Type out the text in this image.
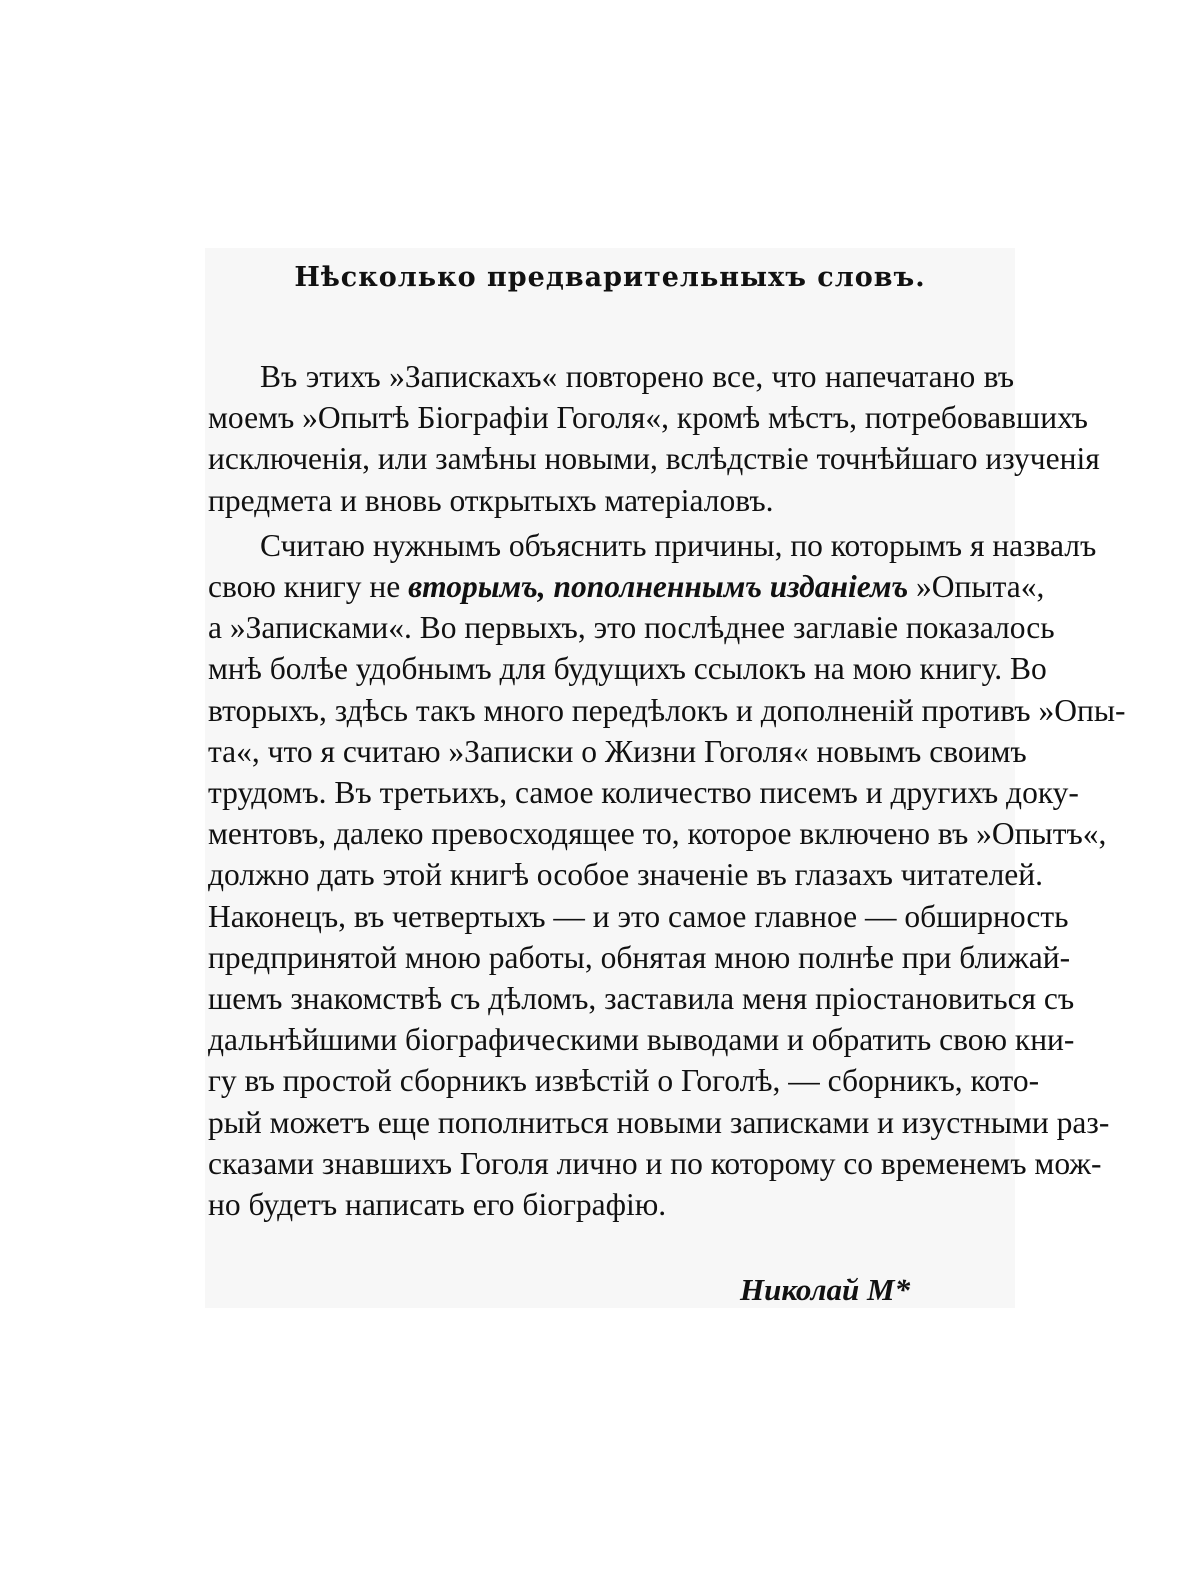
Нѣсколько предварительныхъ словъ.
Въ этихъ »Запискахъ« повторено все, что напечатано въ
моемъ »Опытѣ Біографіи Гоголя«, кромѣ мѣстъ, потребовавшихъ
исключенія, или замѣны новыми, вслѣдствіе точнѣйшаго изученія
предмета и вновь открытыхъ матеріаловъ.
Считаю нужнымъ объяснить причины, по которымъ я назвалъ
свою книгу не вторымъ, пополненнымъ изданіемъ »Опыта«,
а »Записками«. Во первыхъ, это послѣднее заглавіе показалось
мнѣ болѣе удобнымъ для будущихъ ссылокъ на мою книгу. Во
вторыхъ, здѣсь такъ много передѣлокъ и дополненій противъ »Опы-
та«, что я считаю »Записки о Жизни Гоголя« новымъ своимъ
трудомъ. Въ третьихъ, самое количество писемъ и другихъ доку-
ментовъ, далеко превосходящее то, которое включено въ »Опытъ«,
должно дать этой книгѣ особое значеніе въ глазахъ читателей.
Наконецъ, въ четвертыхъ — и это самое главное — обширность
предпринятой мною работы, обнятая мною полнѣе при ближай-
шемъ знакомствѣ съ дѣломъ, заставила меня пріостановиться съ
дальнѣйшими біографическими выводами и обратить свою кни-
гу въ простой сборникъ извѣстій о Гоголѣ, — сборникъ, кото-
рый можетъ еще пополниться новыми записками и изустными раз-
сказами знавшихъ Гоголя лично и по которому со временемъ мож-
но будетъ написать его біографію.
Николай М*
